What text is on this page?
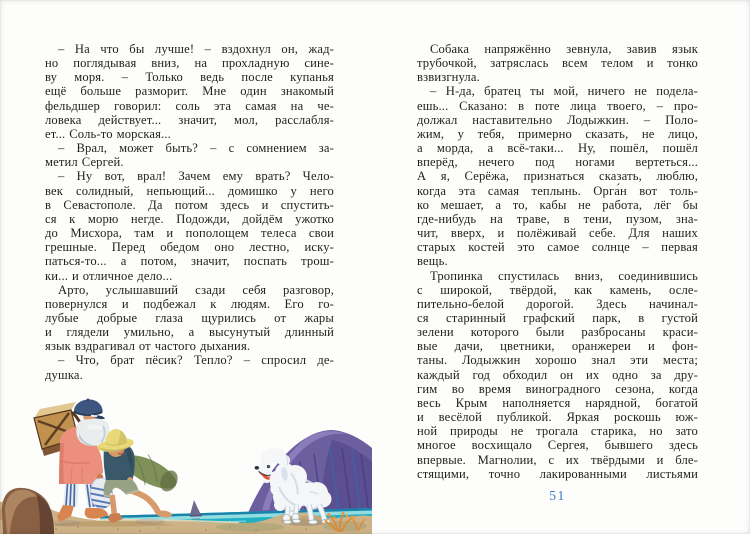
– На что бы лучше! – вздохнул он, жад-
но поглядывая вниз, на прохладную сине-
ву моря. – Только ведь после купанья
ещё больше разморит. Мне один знакомый
фельдшер говорил: соль эта самая на че-
ловека действует... значит, мол, расслабля-
ет... Соль-то морская...
– Врал, может быть? – с сомнением за-
метил Сергей.
– Ну вот, врал! Зачем ему врать? Чело-
век солидный, непьющий... домишко у него
в Севастополе. Да потом здесь и спустить-
ся к морю негде. Подожди, дойдём ужотко
до Мисхора, там и пополощем телеса свои
грешные. Перед обедом оно лестно, иску-
паться-то... а потом, значит, поспать трош-
ки... и отличное дело...
Арто, услышавший сзади себя разговор,
повернулся и подбежал к людям. Его го-
лубые добрые глаза щурились от жары
и глядели умильно, а высунутый длинный
язык вздрагивал от частого дыхания.
– Что, брат пёсик? Тепло? – спросил де-
душка.
Собака напряжённо зевнула, завив язык
трубочкой, затряслась всем телом и тонко
взвизгнула.
– Н-да, братец ты мой, ничего не подела-
ешь... Сказано: в поте лица твоего, – про-
должал наставительно Лодыжкин. – Поло-
жим, у тебя, примерно сказать, не лицо,
а морда, а всё-таки... Ну, пошёл, пошёл
вперёд, нечего под ногами вертеться...
А я, Серёжа, признаться сказать, люблю,
когда эта самая теплынь. Орга́н вот толь-
ко мешает, а то, кабы не работа, лёг бы
где-нибудь на траве, в тени, пузом, зна-
чит, вверх, и полёживай себе. Для наших
старых костей это самое солнце – первая
вещь.
Тропинка спустилась вниз, соединившись
с широкой, твёрдой, как камень, осле-
пительно-белой дорогой. Здесь начинал-
ся старинный графский парк, в густой
зелени которого были разбросаны краси-
вые дачи, цветники, оранжереи и фон-
таны. Лодыжкин хорошо знал эти места;
каждый год обходил он их одно за дру-
гим во время виноградного сезона, когда
весь Крым наполняется нарядной, богатой
и весёлой публикой. Яркая роскошь юж-
ной природы не трогала старика, но зато
многое восхищало Сергея, бывшего здесь
впервые. Магнолии, с их твёрдыми и бле-
стящими, точно лакированными листьями
51
